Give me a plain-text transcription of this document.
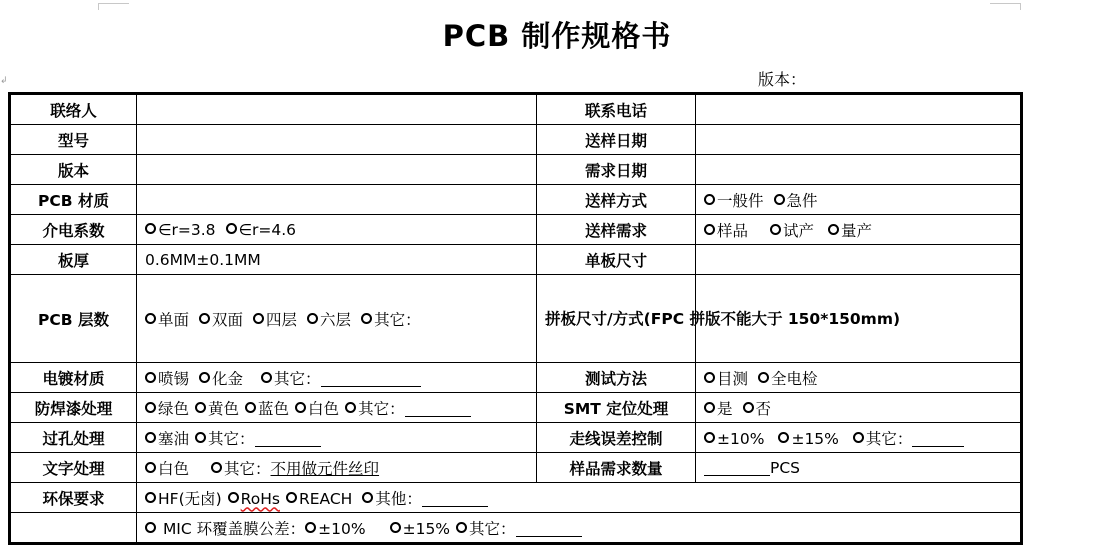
↲
PCB 制作规格书
版本：
联络人		联系电话	
型号		送样日期	
版本		需求日期	
PCB 材质		送样方式	一般件 急件
介电系数	∈r=3.8 ∈r=4.6	送样需求	样品 试产 量产
板厚	0.6MM±0.1MM	单板尺寸	
PCB 层数	单面 双面 四层 六层 其它：	拼板尺寸/方式(FPC 拼版不能大于 150*150mm)	
电镀材质	喷锡 化金 其它：	测试方法	目测 全电检
防焊漆处理	绿色 黄色 蓝色 白色 其它：	SMT 定位处理	是 否
过孔处理	塞油 其它：	走线误差控制	±10% ±15% 其它：
文字处理	白色 其它：不用做元件丝印	样品需求数量	PCS
环保要求	HF(无卤) RoHs REACH 其他：		
	MIC 环覆盖膜公差： ±10% ±15% 其它：		
